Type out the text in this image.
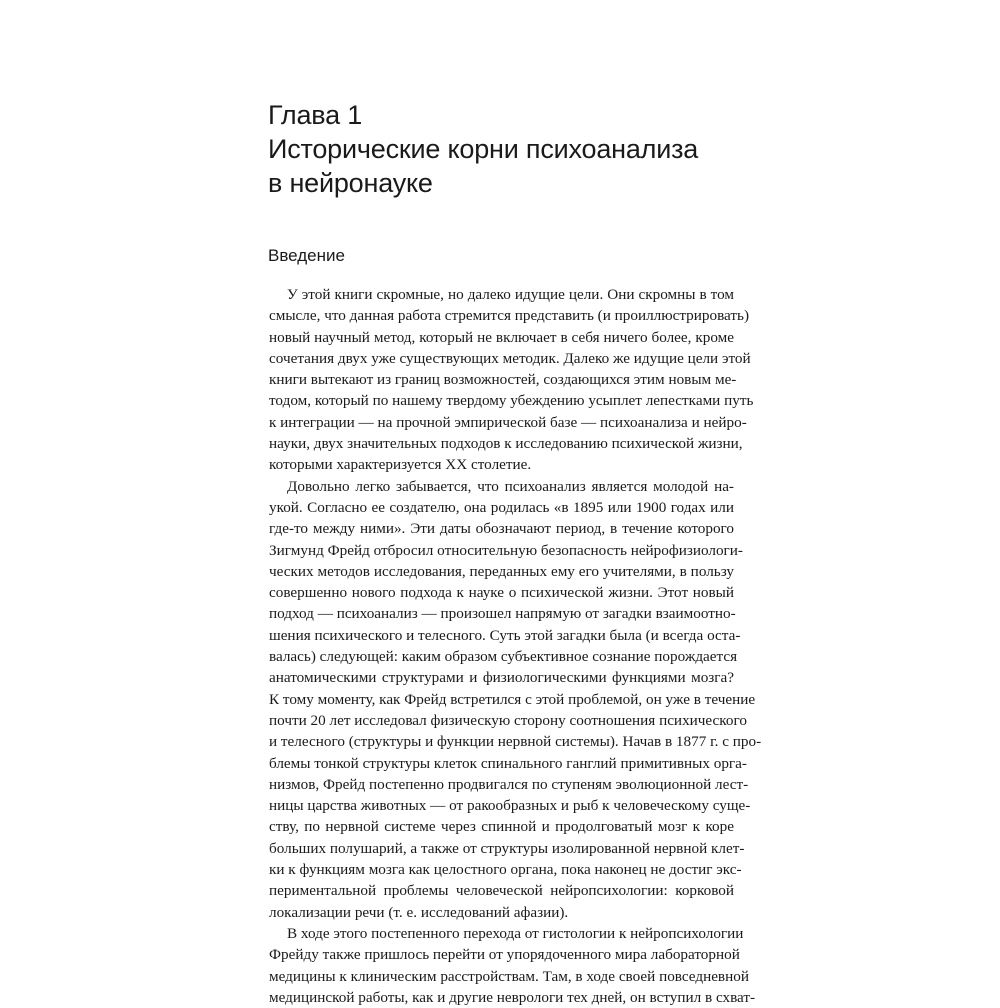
Глава 1
Исторические корни психоанализа
в нейронауке
Введение
У этой книги скромные, но далеко идущие цели. Они скромны в том
смысле, что данная работа стремится представить (и проиллюстрировать)
новый научный метод, который не включает в себя ничего более, кроме
сочетания двух уже существующих методик. Далеко же идущие цели этой
книги вытекают из границ возможностей, создающихся этим новым ме-
тодом, который по нашему твердому убеждению усыплет лепестками путь
к интеграции — на прочной эмпирической базе — психоанализа и нейро-
науки, двух значительных подходов к исследованию психической жизни,
которыми характеризуется XX столетие.
Довольно легко забывается, что психоанализ является молодой на-
укой. Согласно ее создателю, она родилась «в 1895 или 1900 годах или
где-то между ними». Эти даты обозначают период, в течение которого
Зигмунд Фрейд отбросил относительную безопасность нейрофизиологи-
ческих методов исследования, переданных ему его учителями, в пользу
совершенно нового подхода к науке о психической жизни. Этот новый
подход — психоанализ — произошел напрямую от загадки взаимоотно-
шения психического и телесного. Суть этой загадки была (и всегда оста-
валась) следующей: каким образом субъективное сознание порождается
анатомическими структурами и физиологическими функциями мозга?
К тому моменту, как Фрейд встретился с этой проблемой, он уже в течение
почти 20 лет исследовал физическую сторону соотношения психического
и телесного (структуры и функции нервной системы). Начав в 1877 г. с про-
блемы тонкой структуры клеток спинального ганглий примитивных орга-
низмов, Фрейд постепенно продвигался по ступеням эволюционной лест-
ницы царства животных — от ракообразных и рыб к человеческому суще-
ству, по нервной системе через спинной и продолговатый мозг к коре
больших полушарий, а также от структуры изолированной нервной клет-
ки к функциям мозга как целостного органа, пока наконец не достиг экс-
периментальной проблемы человеческой нейропсихологии: корковой
локализации речи (т. е. исследований афазии).
В ходе этого постепенного перехода от гистологии к нейропсихологии
Фрейду также пришлось перейти от упорядоченного мира лабораторной
медицины к клиническим расстройствам. Там, в ходе своей повседневной
медицинской работы, как и другие неврологи тех дней, он вступил в схват-
